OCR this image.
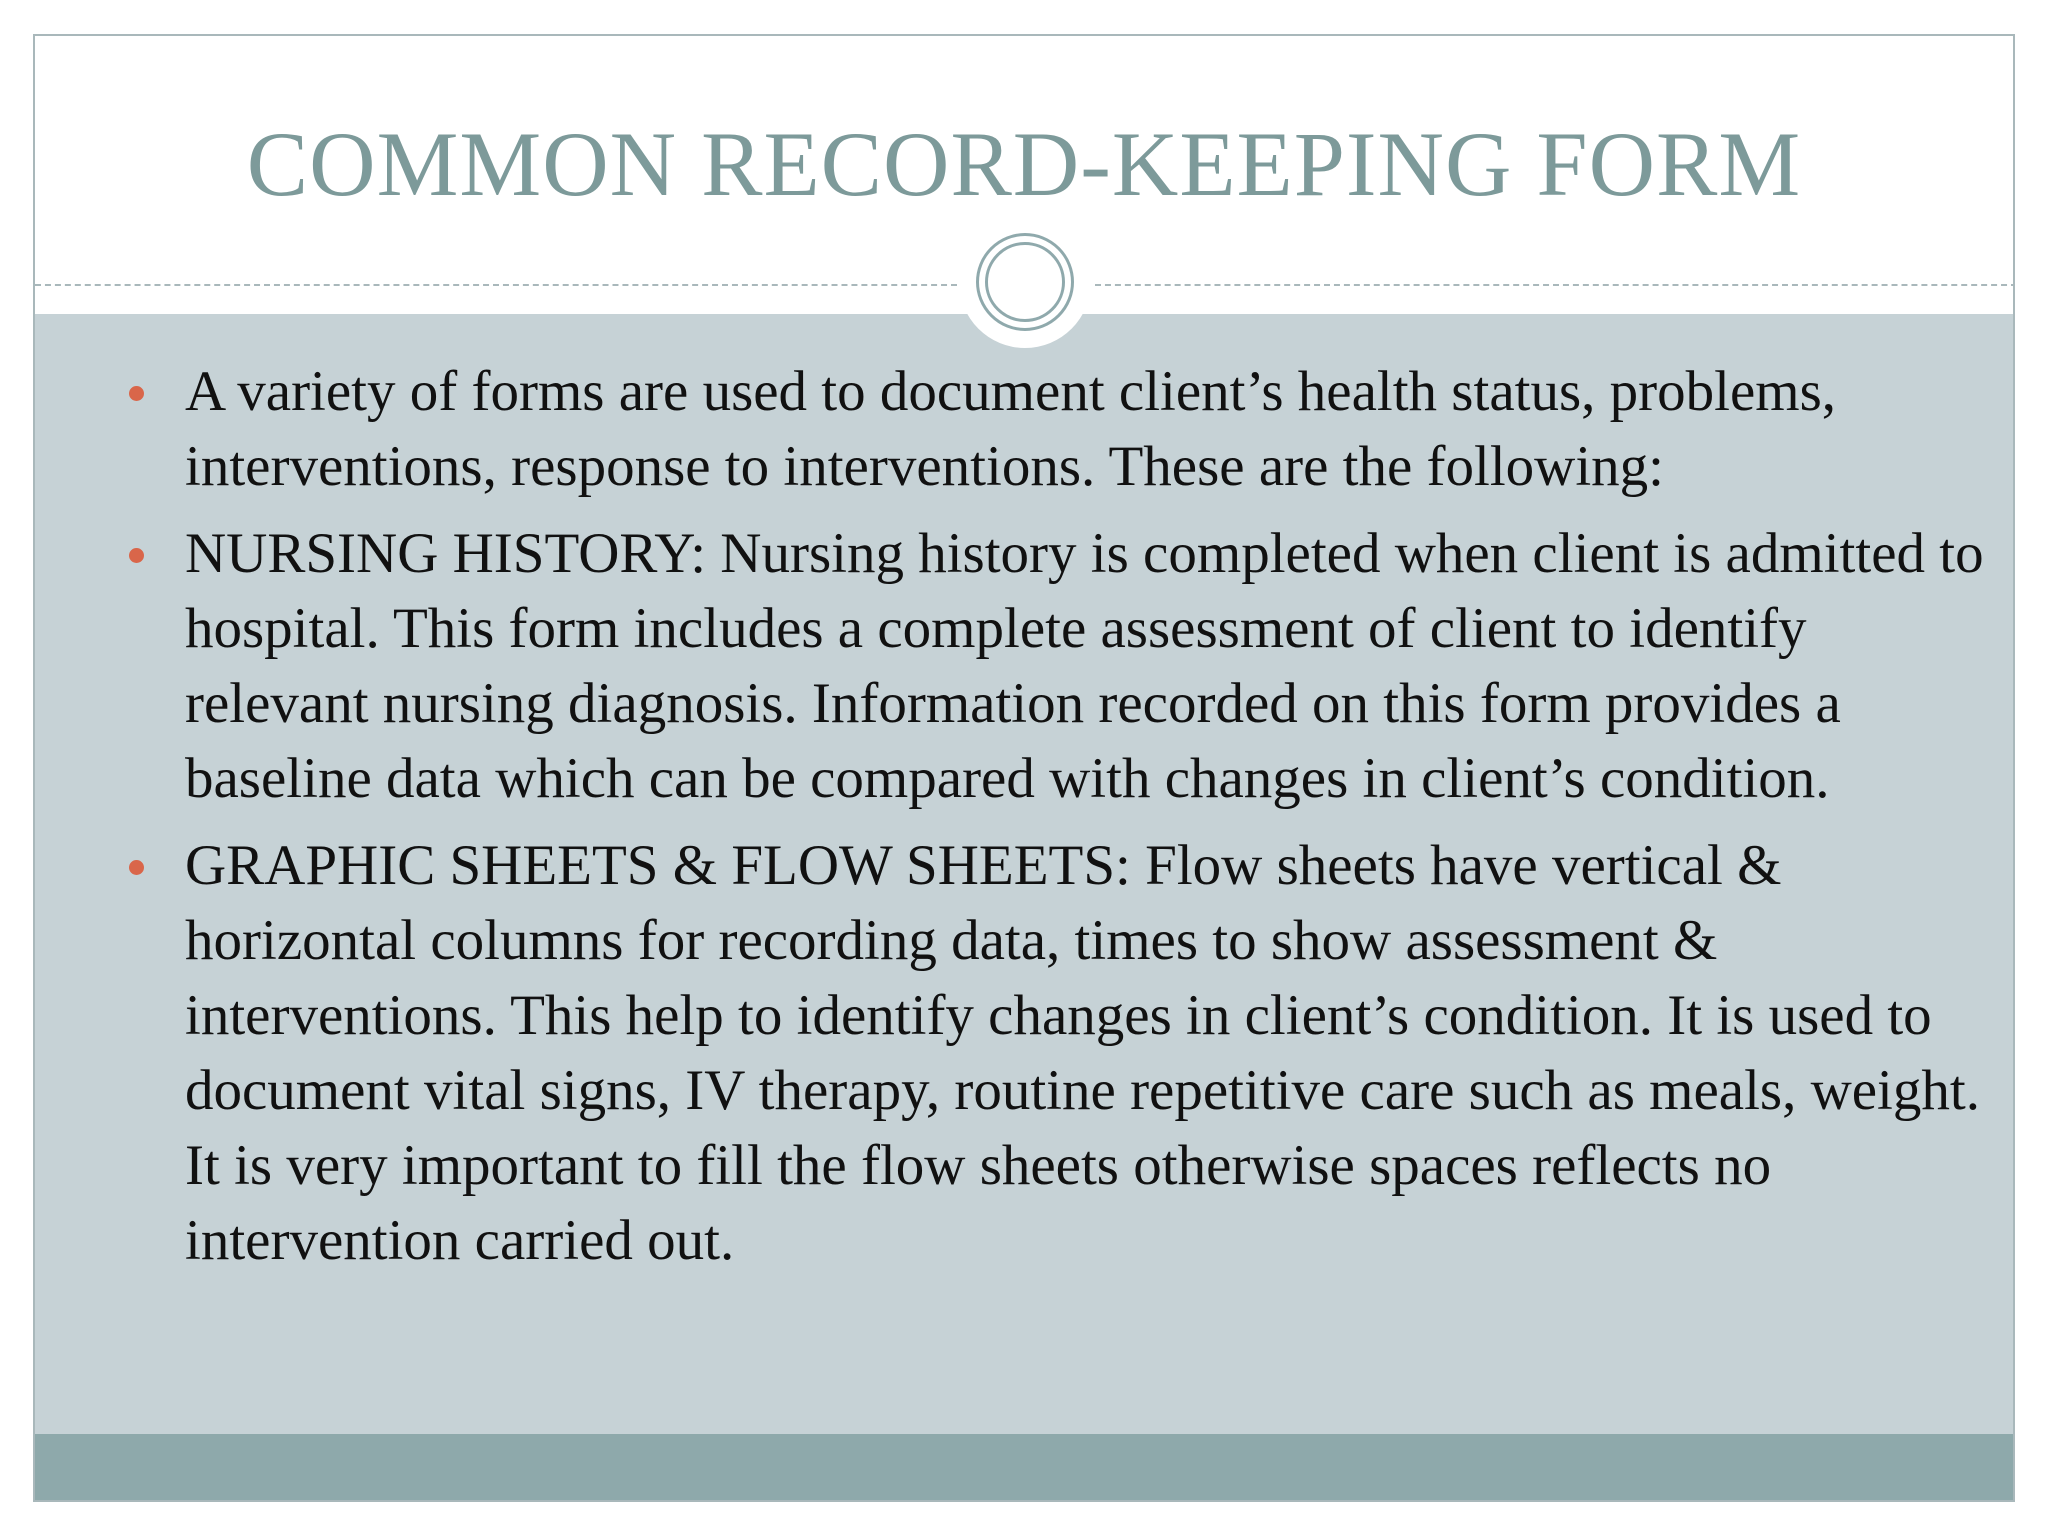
COMMON RECORD-KEEPING FORM
A variety of forms are used to document client’s health status, problems, interventions, response to interventions. These are the following:
NURSING HISTORY: Nursing history is completed when client is admitted to hospital. This form includes a complete assessment of client to identify relevant nursing diagnosis. Information recorded on this form provides a baseline data which can be compared with changes in client’s condition.
GRAPHIC SHEETS & FLOW SHEETS: Flow sheets have vertical & horizontal columns for recording data, times to show assessment & interventions. This help to identify changes in client’s condition. It is used to document vital signs, IV therapy, routine repetitive care such as meals, weight. It is very important to fill the flow sheets otherwise spaces reflects no intervention carried out.
